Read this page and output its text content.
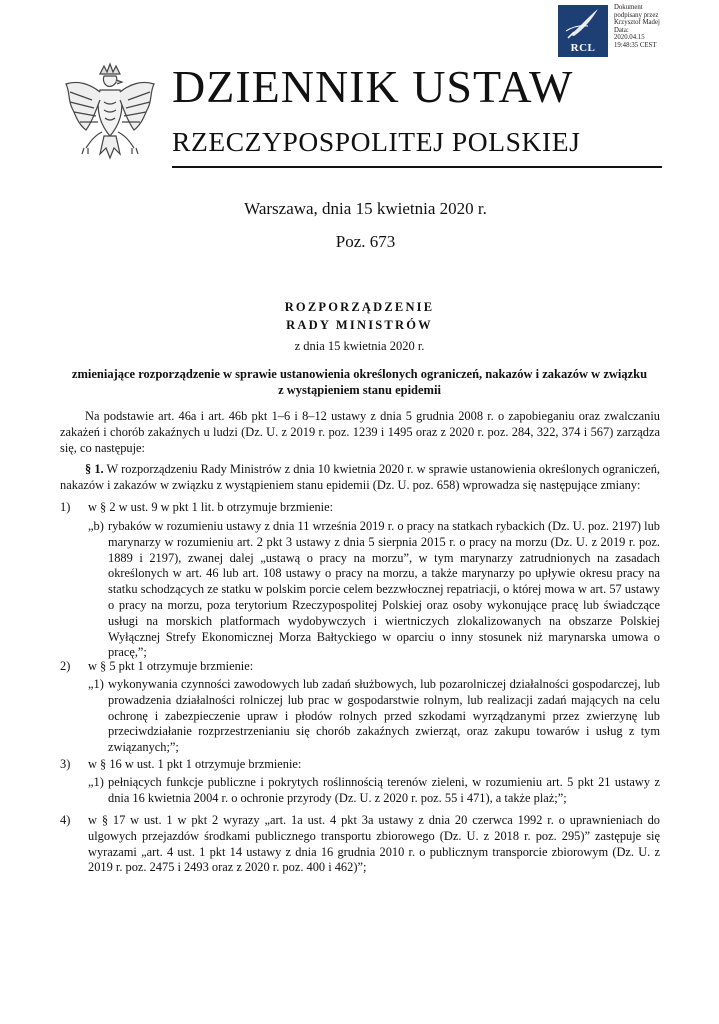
RCL
Dokument
podpisany przez
Krzysztof Madej
Data:
2020.04.15
19:48:35 CEST
DZIENNIK USTAW
RZECZYPOSPOLITEJ POLSKIEJ
Warszawa, dnia 15 kwietnia 2020 r.
Poz. 673
ROZPORZĄDZENIE
RADY MINISTRÓW
z dnia 15 kwietnia 2020 r.
zmieniające rozporządzenie w sprawie ustanowienia określonych ograniczeń, nakazów i zakazów w związku
z wystąpieniem stanu epidemii
Na podstawie art. 46a i art. 46b pkt 1–6 i 8–12 ustawy z dnia 5 grudnia 2008 r. o zapobieganiu oraz zwalczaniu zakażeń i chorób zakaźnych u ludzi (Dz. U. z 2019 r. poz. 1239 i 1495 oraz z 2020 r. poz. 284, 322, 374 i 567) zarządza się, co następuje:
§ 1. W rozporządzeniu Rady Ministrów z dnia 10 kwietnia 2020 r. w sprawie ustanowienia określonych ograniczeń, nakazów i zakazów w związku z wystąpieniem stanu epidemii (Dz. U. poz. 658) wprowadza się następujące zmiany:
1) w § 2 w ust. 9 w pkt 1 lit. b otrzymuje brzmienie:
„b) rybaków w rozumieniu ustawy z dnia 11 września 2019 r. o pracy na statkach rybackich (Dz. U. poz. 2197) lub marynarzy w rozumieniu art. 2 pkt 3 ustawy z dnia 5 sierpnia 2015 r. o pracy na morzu (Dz. U. z 2019 r. poz. 1889 i 2197), zwanej dalej „ustawą o pracy na morzu”, w tym marynarzy zatrudnionych na zasadach określonych w art. 46 lub art. 108 ustawy o pracy na morzu, a także marynarzy po upływie okresu pracy na statku schodzących ze statku w polskim porcie celem bezzwłocznej repatriacji, o której mowa w art. 57 ustawy o pracy na morzu, poza terytorium Rzeczypospolitej Polskiej oraz osoby wykonujące pracę lub świadczące usługi na morskich platformach wydobywczych i wiertniczych zlokalizowanych na obszarze Polskiej Wyłącznej Strefy Ekonomicznej Morza Bałtyckiego w oparciu o inny stosunek niż marynarska umowa o pracę,”;
2) w § 5 pkt 1 otrzymuje brzmienie:
„1) wykonywania czynności zawodowych lub zadań służbowych, lub pozarolniczej działalności gospodarczej, lub prowadzenia działalności rolniczej lub prac w gospodarstwie rolnym, lub realizacji zadań mających na celu ochronę i zabezpieczenie upraw i płodów rolnych przed szkodami wyrządzanymi przez zwierzynę lub przeciwdziałanie rozprzestrzenianiu się chorób zakaźnych zwierząt, oraz zakupu towarów i usług z tym związanych;”;
3) w § 16 w ust. 1 pkt 1 otrzymuje brzmienie:
„1) pełniących funkcje publiczne i pokrytych roślinnością terenów zieleni, w rozumieniu art. 5 pkt 21 ustawy z dnia 16 kwietnia 2004 r. o ochronie przyrody (Dz. U. z 2020 r. poz. 55 i 471), a także plaż;”;
4) w § 17 w ust. 1 w pkt 2 wyrazy „art. 1a ust. 4 pkt 3a ustawy z dnia 20 czerwca 1992 r. o uprawnieniach do ulgowych przejazdów środkami publicznego transportu zbiorowego (Dz. U. z 2018 r. poz. 295)” zastępuje się wyrazami „art. 4 ust. 1 pkt 14 ustawy z dnia 16 grudnia 2010 r. o publicznym transporcie zbiorowym (Dz. U. z 2019 r. poz. 2475 i 2493 oraz z 2020 r. poz. 400 i 462)”;
